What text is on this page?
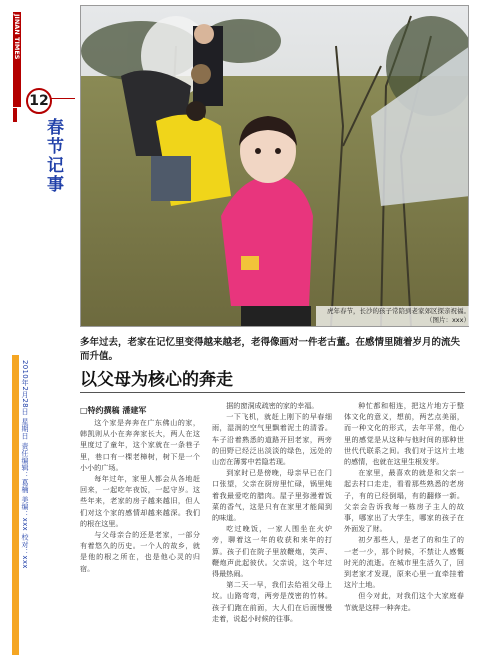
JINAN TIMES
12
春节记事
2010年2月28日 星期日 责任编辑：葛楠 美编：xxx 校对：xxx
虎年春节，长沙的孩子常陪到老家郊区探亲祝福。（图片：xxx）
多年过去，老家在记忆里变得越来越老，老得像画对一件老古董。在感情里随着岁月的流失而升值。
以父母为核心的奔走
□特约撰稿 潘建军

这个家是奔奔在广东佛山的家，韩凯则从小在奔奔家长大，两人在这里度过了童年，这个家就在一条巷子里，巷口有一棵老樟树，树下是一个小小的广场。

每年过年，家里人都会从各地赶回来，一起吃年夜饭，一起守岁。这些年来，老家的房子越来越旧，但人们对这个家的感情却越来越深。我们的根在这里。

与父母亲合的还是老家，一部分有着悠久的历史。一个人的故乡，就是他的根之所在，也是他心灵的归宿。

据的窗洞成疏密的家的幸福。

一下飞机，就赶上刚下的早春细雨，湿润的空气里飘着泥土的清香。车子沿着熟悉的道路开回老家，两旁的田野已经泛出淡淡的绿色，远处的山峦在薄雾中若隐若现。

到家时已是傍晚，母亲早已在门口张望，父亲在厨房里忙碌，锅里炖着我最爱吃的腊肉。屋子里弥漫着饭菜的香气，这是只有在家里才能闻到的味道。

吃过晚饭，一家人围坐在火炉旁，聊着这一年的收获和来年的打算。孩子们在院子里放鞭炮，笑声、鞭炮声此起彼伏。父亲说，这个年过得最热闹。

第二天一早，我们去给祖父母上坟。山路弯弯，两旁是茂密的竹林。孩子们跑在前面，大人们在后面慢慢走着，说起小时候的往事。

种忙都和相连，把这片地方于整体文化的意义，想前，两艺点美丽，而一种文化的形式，去年平常，他心里的感觉是从这种与他时间的那种世世代代联系之间。我们对于这片土地的感情，也就在这里生根发芽。

在家里，最喜欢的就是和父亲一起去村口走走，看看那些熟悉的老房子，有的已经倒塌，有的翻修一新。父亲会告诉我每一栋房子主人的故事，哪家出了大学生，哪家的孩子在外面发了财。

初夕那些人，是老了的和生了的一老一少，那个时候，不禁让人感慨时光的流逝。在城市里生活久了，回到老家才发现，原来心里一直牵挂着这片土地。

但今对此，对我们这个大家庭春节就是这样一种奔走。
